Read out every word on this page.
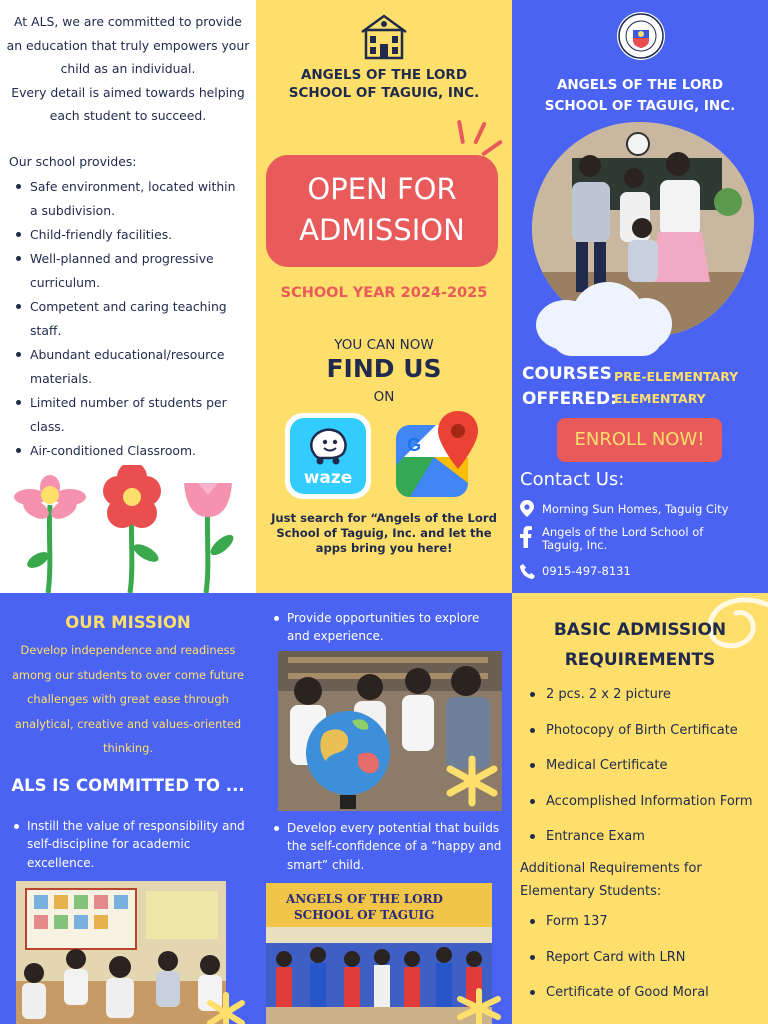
At ALS, we are committed to provide
an education that truly empowers your
child as an individual.
Every detail is aimed towards helping
each student to succeed.
Our school provides:
Safe environment, located within a subdivision.
Child-friendly facilities.
Well-planned and progressive curriculum.
Competent and caring teaching staff.
Abundant educational/resource materials.
Limited number of students per class.
Air-conditioned Classroom.
ANGELS OF THE LORD SCHOOL OF TAGUIG, INC.
OPEN FOR
ADMISSION
SCHOOL YEAR 2024-2025
YOU CAN NOW
FIND US
ON
waze
G
Just search for “Angels of the Lord School of Taguig, Inc. and let the apps bring you here!
ANGELS OF THE LORD SCHOOL OF TAGUIG, INC.
COURSES
OFFERED:
PRE-ELEMENTARY
ELEMENTARY
ENROLL NOW!
Contact Us:
Morning Sun Homes, Taguig City
Angels of the Lord School of Taguig, Inc.
0915-497-8131
OUR MISSION
Develop independence and readiness among our students to over come future challenges with great ease through analytical, creative and values-oriented thinking.
ALS IS COMMITTED TO ...
Instill the value of responsibility and self-discipline for academic excellence.
Provide opportunities to explore and experience.
Develop every potential that builds the self-confidence of a “happy and smart” child.
ANGELS OF THE LORD
SCHOOL OF TAGUIG
BASIC ADMISSION REQUIREMENTS
2 pcs. 2 x 2 picture
Photocopy of Birth Certificate
Medical Certificate
Accomplished Information Form
Entrance Exam
Additional Requirements for Elementary Students:
Form 137
Report Card with LRN
Certificate of Good Moral
